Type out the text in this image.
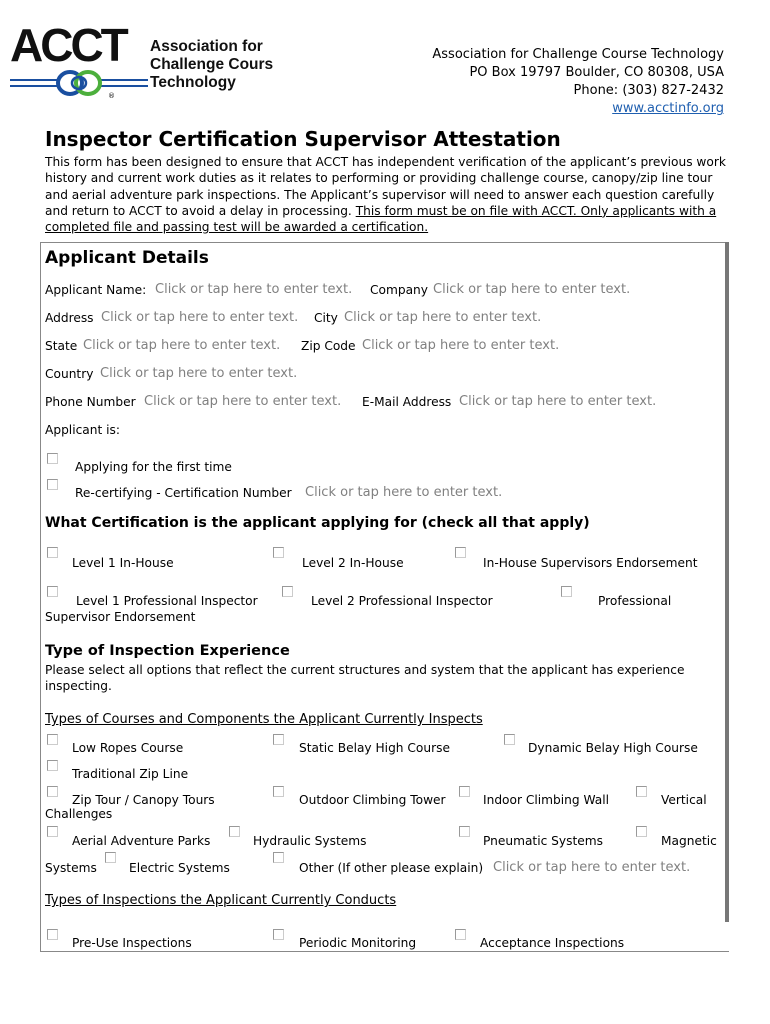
ACCT Association for
Challenge Cours
Technology
®
Association for Challenge Course Technology
PO Box 19797 Boulder, CO 80308, USA
Phone: (303) 827-2432
www.acctinfo.org
Inspector Certification Supervisor Attestation
This form has been designed to ensure that ACCT has independent verification of the applicant’s previous work history and current work duties as it relates to performing or providing challenge course, canopy/zip line tour and aerial adventure park inspections. The Applicant’s supervisor will need to answer each question carefully and return to ACCT to avoid a delay in processing. This form must be on file with ACCT. Only applicants with a completed file and passing test will be awarded a certification.
Applicant Details
Applicant Name: Click or tap here to enter text. Company Click or tap here to enter text.
Address Click or tap here to enter text. City Click or tap here to enter text.
State Click or tap here to enter text. Zip Code Click or tap here to enter text.
Country Click or tap here to enter text.
Phone Number Click or tap here to enter text. E-Mail Address Click or tap here to enter text.
Applicant is:
Applying for the first time
Re-certifying - Certification Number Click or tap here to enter text.
What Certification is the applicant applying for (check all that apply)
Level 1 In-House	Level 2 In-House	In-House Supervisors Endorsement
Level 1 Professional Inspector	Level 2 Professional Inspector	Professional
Supervisor Endorsement
Type of Inspection Experience
Please select all options that reflect the current structures and system that the applicant has experience
inspecting.
Types of Courses and Components the Applicant Currently Inspects
Low Ropes Course	Static Belay High Course	Dynamic Belay High Course
Traditional Zip Line
Zip Tour / Canopy Tours	Outdoor Climbing Tower	Indoor Climbing Wall	Vertical
Challenges
Aerial Adventure Parks	Hydraulic Systems	Pneumatic Systems	Magnetic
Systems	Electric Systems	Other (If other please explain) Click or tap here to enter text.
Types of Inspections the Applicant Currently Conducts
Pre-Use Inspections	Periodic Monitoring	Acceptance Inspections
